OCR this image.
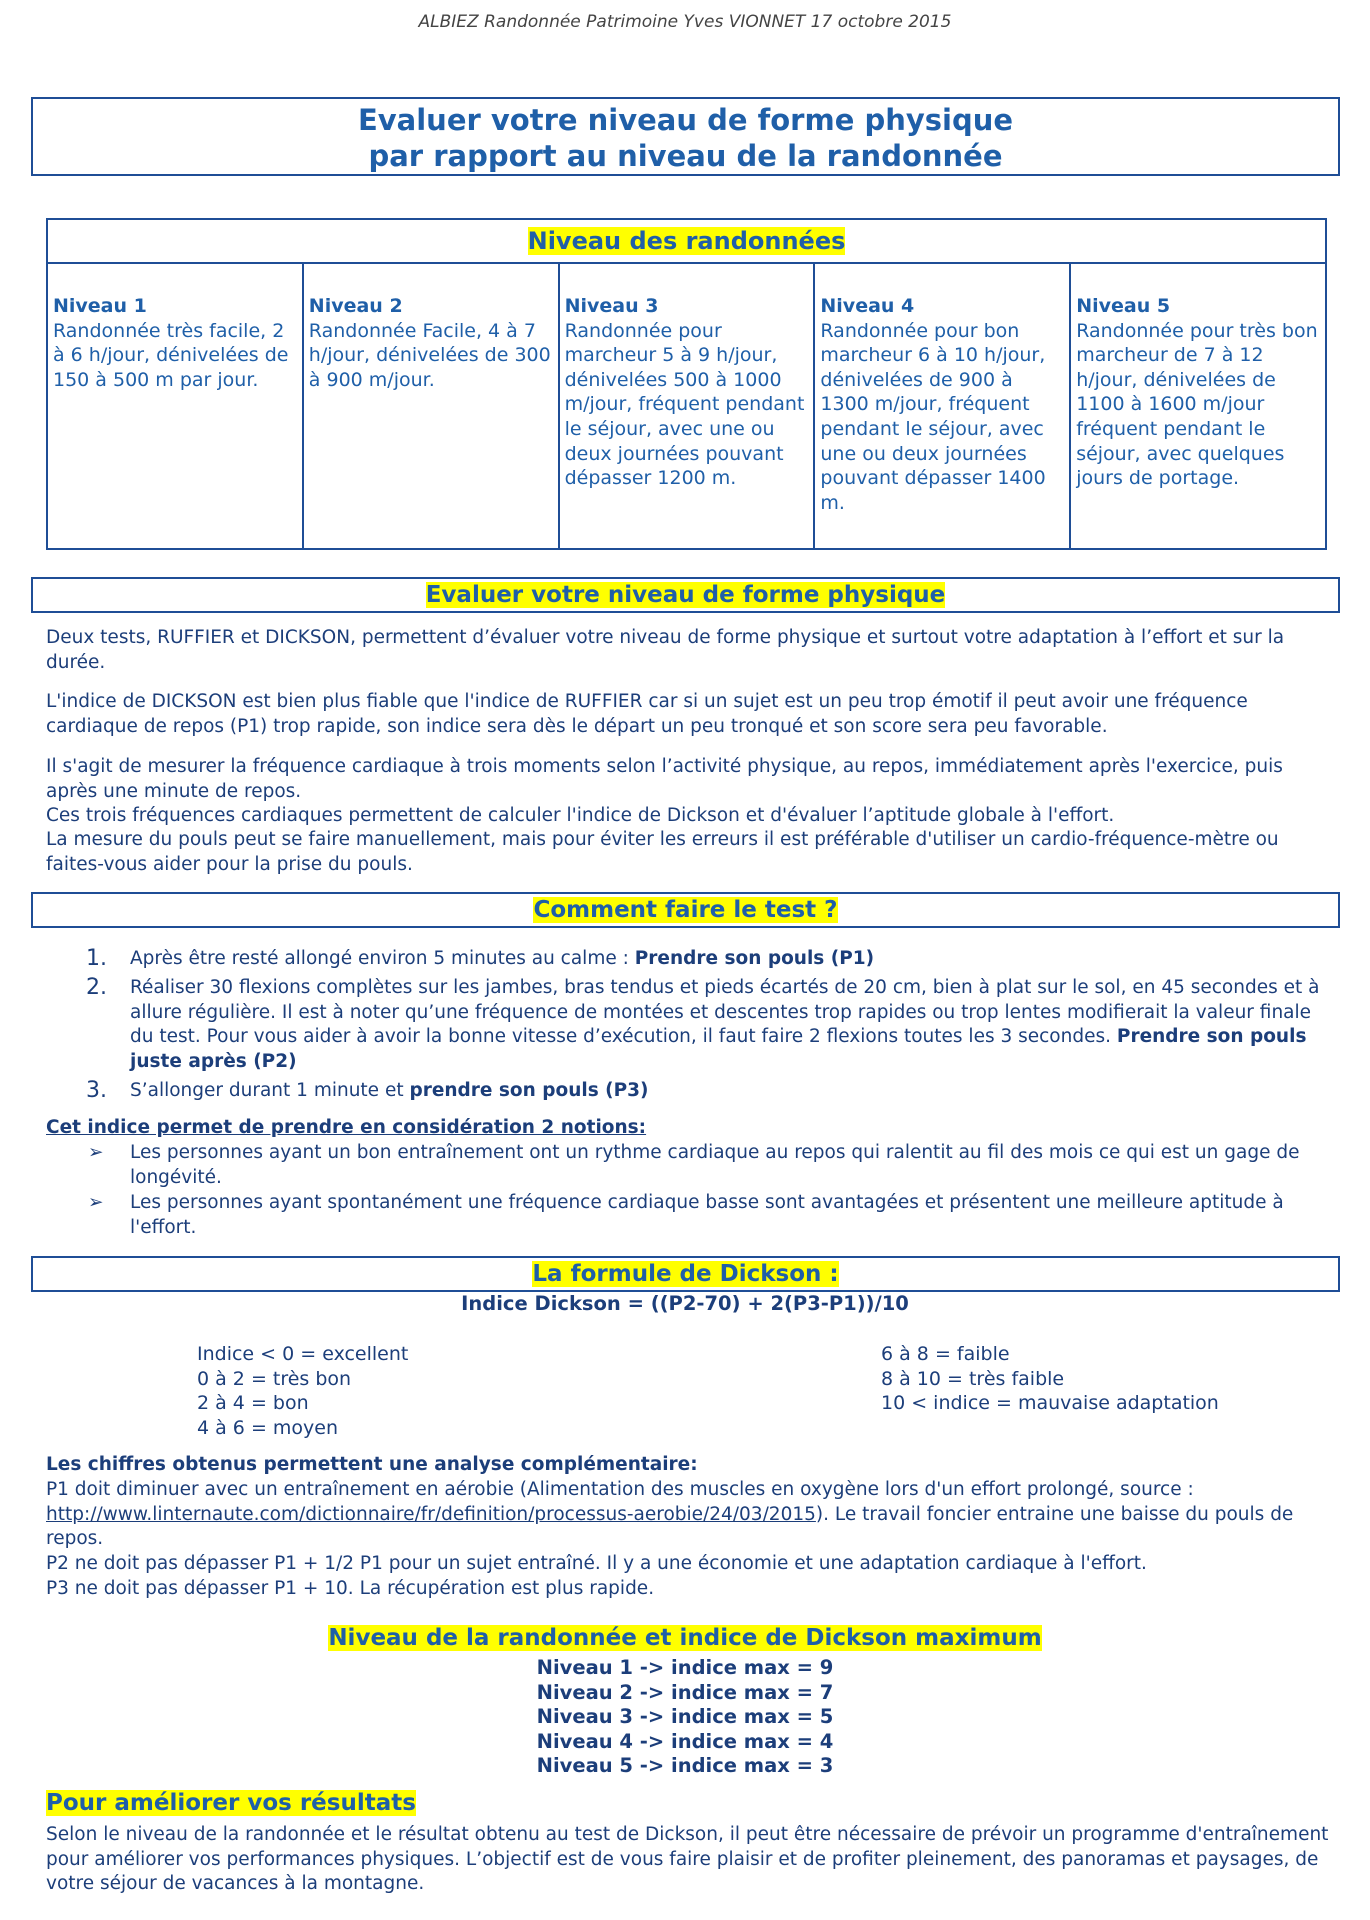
ALBIEZ Randonnée Patrimoine Yves VIONNET 17 octobre 2015
Evaluer votre niveau de forme physique
par rapport au niveau de la randonnée
Niveau des randonnées
Niveau 1
Randonnée très facile, 2 à 6 h/jour, dénivelées de 150 à 500 m par jour.
Niveau 2
Randonnée Facile, 4 à 7 h/jour, dénivelées de 300 à 900 m/jour.
Niveau 3
Randonnée pour marcheur 5 à 9 h/jour, dénivelées 500 à 1000 m/jour, fréquent pendant le séjour, avec une ou deux journées pouvant dépasser 1200 m.
Niveau 4
Randonnée pour bon marcheur 6 à 10 h/jour, dénivelées de 900 à 1300 m/jour, fréquent pendant le séjour, avec une ou deux journées pouvant dépasser 1400 m.
Niveau 5
Randonnée pour très bon marcheur de 7 à 12 h/jour, dénivelées de 1100 à 1600 m/jour fréquent pendant le séjour, avec quelques jours de portage.
Evaluer votre niveau de forme physique
Deux tests, RUFFIER et DICKSON, permettent d’évaluer votre niveau de forme physique et surtout votre adaptation à l’effort et sur la durée.
L'indice de DICKSON est bien plus fiable que l'indice de RUFFIER car si un sujet est un peu trop émotif il peut avoir une fréquence cardiaque de repos (P1) trop rapide, son indice sera dès le départ un peu tronqué et son score sera peu favorable.
Il s'agit de mesurer la fréquence cardiaque à trois moments selon l’activité physique, au repos, immédiatement après l'exercice, puis après une minute de repos.
Ces trois fréquences cardiaques permettent de calculer l'indice de Dickson et d'évaluer l’aptitude globale à l'effort.
La mesure du pouls peut se faire manuellement, mais pour éviter les erreurs il est préférable d'utiliser un cardio-fréquence-mètre ou faites-vous aider pour la prise du pouls.
Comment faire le test ?
1. Après être resté allongé environ 5 minutes au calme : Prendre son pouls (P1)
2. Réaliser 30 flexions complètes sur les jambes, bras tendus et pieds écartés de 20 cm, bien à plat sur le sol, en 45 secondes et à allure régulière. Il est à noter qu’une fréquence de montées et descentes trop rapides ou trop lentes modifierait la valeur finale du test. Pour vous aider à avoir la bonne vitesse d’exécution, il faut faire 2 flexions toutes les 3 secondes. Prendre son pouls juste après (P2)
3. S’allonger durant 1 minute et prendre son pouls (P3)
Cet indice permet de prendre en considération 2 notions:
➢ Les personnes ayant un bon entraînement ont un rythme cardiaque au repos qui ralentit au fil des mois ce qui est un gage de longévité.
➢ Les personnes ayant spontanément une fréquence cardiaque basse sont avantagées et présentent une meilleure aptitude à l'effort.
La formule de Dickson :
Indice Dickson = ((P2-70) + 2(P3-P1))/10
Indice < 0 = excellent
0 à 2 = très bon
2 à 4 = bon
4 à 6 = moyen
6 à 8 = faible
8 à 10 = très faible
10 < indice = mauvaise adaptation
Les chiffres obtenus permettent une analyse complémentaire:
P1 doit diminuer avec un entraînement en aérobie (Alimentation des muscles en oxygène lors d'un effort prolongé, source : http://www.linternaute.com/dictionnaire/fr/definition/processus-aerobie/24/03/2015). Le travail foncier entraine une baisse du pouls de repos.
P2 ne doit pas dépasser P1 + 1/2 P1 pour un sujet entraîné. Il y a une économie et une adaptation cardiaque à l'effort.
P3 ne doit pas dépasser P1 + 10. La récupération est plus rapide.
Niveau de la randonnée et indice de Dickson maximum
Niveau 1 -> indice max = 9
Niveau 2 -> indice max = 7
Niveau 3 -> indice max = 5
Niveau 4 -> indice max = 4
Niveau 5 -> indice max = 3
Pour améliorer vos résultats
Selon le niveau de la randonnée et le résultat obtenu au test de Dickson, il peut être nécessaire de prévoir un programme d'entraînement pour améliorer vos performances physiques. L’objectif est de vous faire plaisir et de profiter pleinement, des panoramas et paysages, de votre séjour de vacances à la montagne.
